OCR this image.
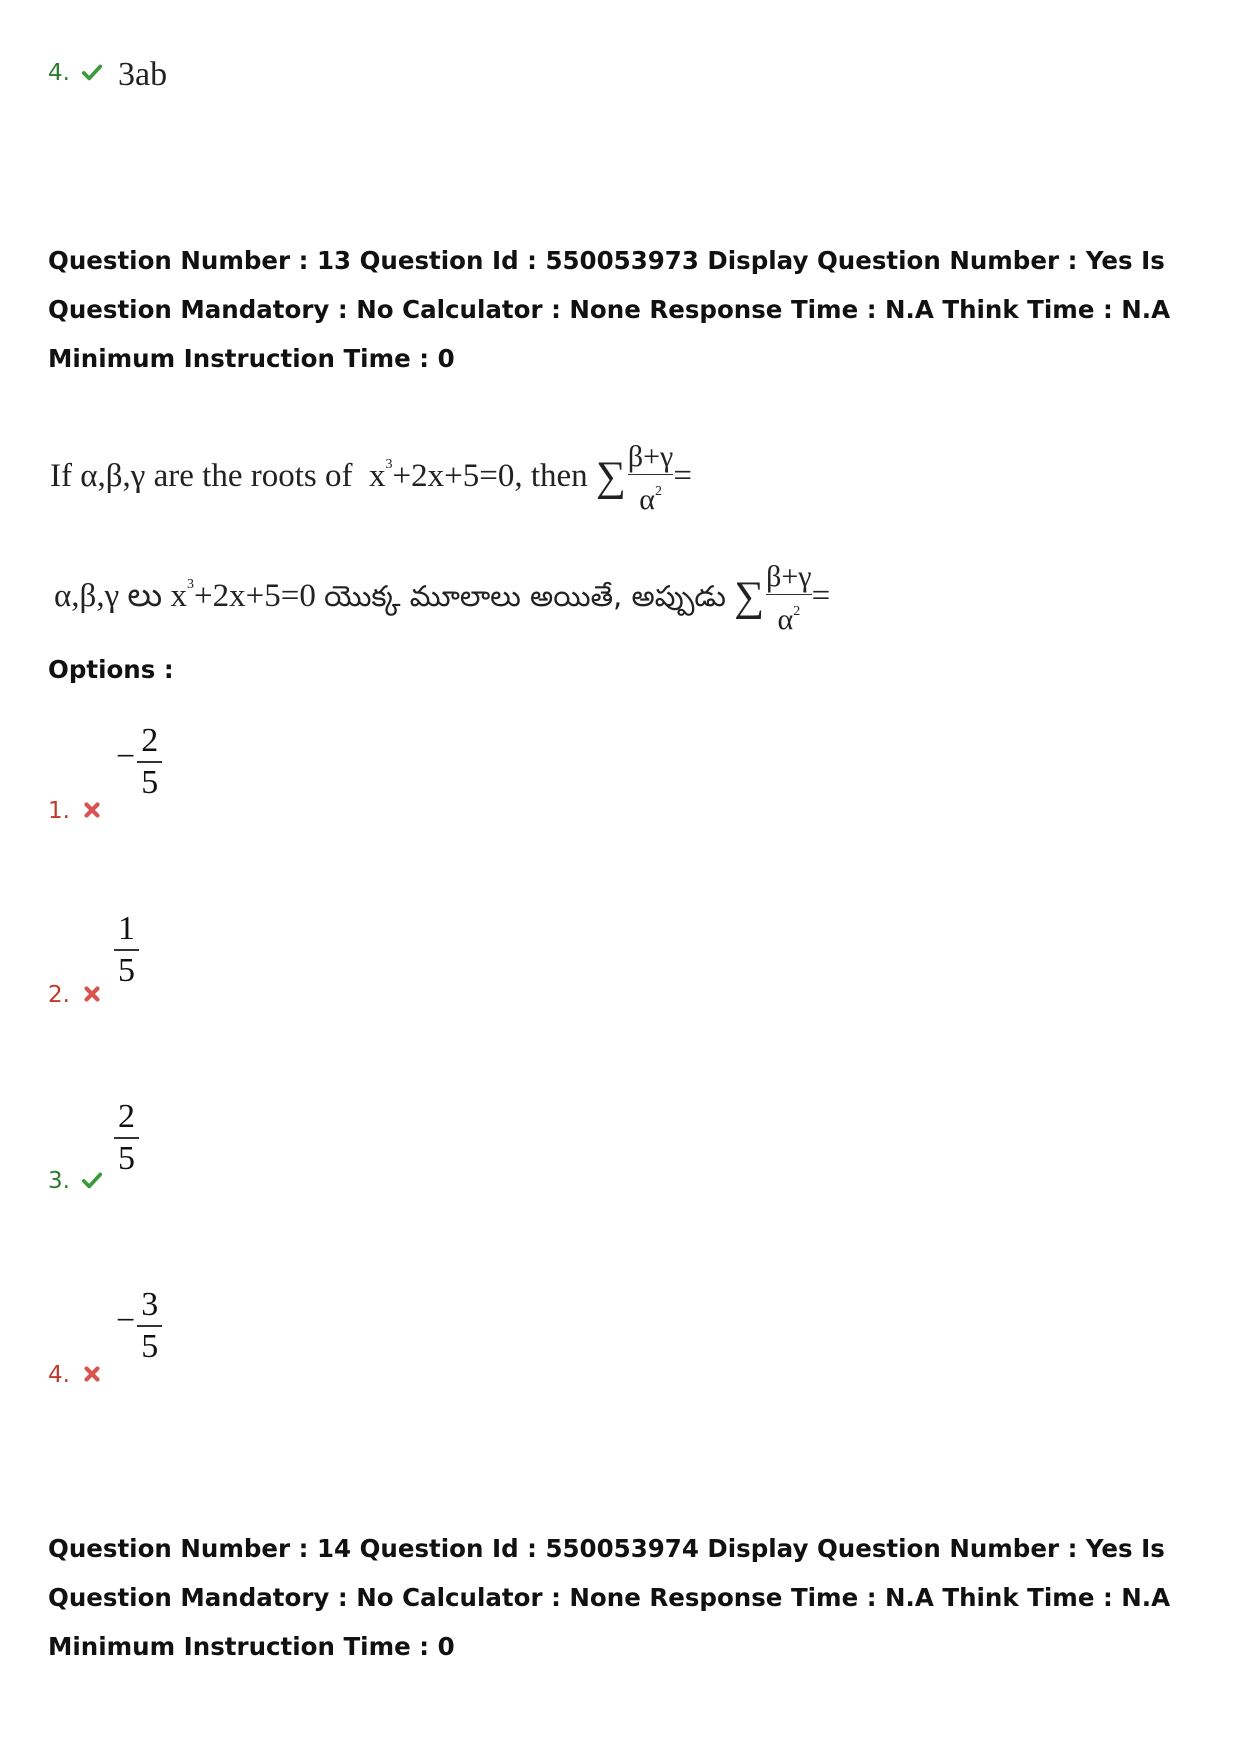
4.	3ab
Question Number : 13 Question Id : 550053973 Display Question Number : Yes Is Question Mandatory : No Calculator : None Response Time : N.A Think Time : N.A Minimum Instruction Time : 0
If α,β,γ are the roots of $x^3+2x+5=0$, then ∑ $\frac{\beta+\gamma}{\alpha^2}$ =
α,β,γ లు $x^3+2x+5=0$ యొక్క మూలాలు అయితే, అప్పుడు ∑ $\frac{\beta+\gamma}{\alpha^2}$ =
Options :
1.
− $\frac{2}{5}$
2.
$\frac{1}{5}$
3.
$\frac{2}{5}$
4.
− $\frac{3}{5}$
Question Number : 14 Question Id : 550053974 Display Question Number : Yes Is Question Mandatory : No Calculator : None Response Time : N.A Think Time : N.A Minimum Instruction Time : 0
